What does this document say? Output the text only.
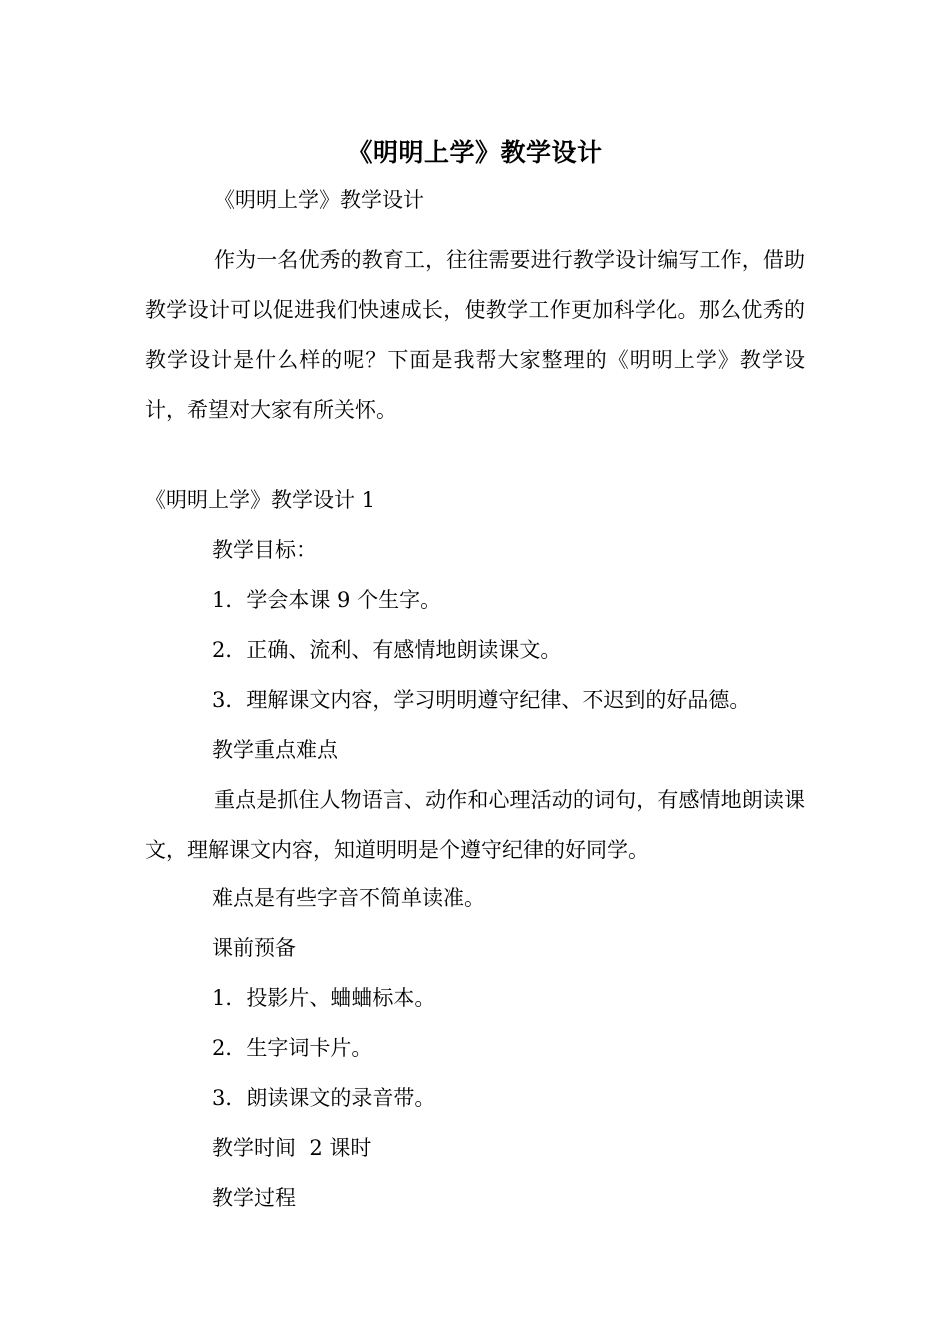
《明明上学》教学设计
《明明上学》教学设计

作为一名优秀的教育工，往往需要进行教学设计编写工作，借助教学设计可以促进我们快速成长，使教学工作更加科学化。那么优秀的教学设计是什么样的呢？下面是我帮大家整理的《明明上学》教学设计，希望对大家有所关怀。

《明明上学》教学设计 1
教学目标：
1．学会本课 9 个生字。
2．正确、流利、有感情地朗读课文。
3．理解课文内容，学习明明遵守纪律、不迟到的好品德。
教学重点难点

重点是抓住人物语言、动作和心理活动的词句，有感情地朗读课文，理解课文内容，知道明明是个遵守纪律的好同学。

难点是有些字音不简单读准。
课前预备
1．投影片、蛐蛐标本。
2．生字词卡片。
3．朗读课文的录音带。
教学时间  2 课时
教学过程
